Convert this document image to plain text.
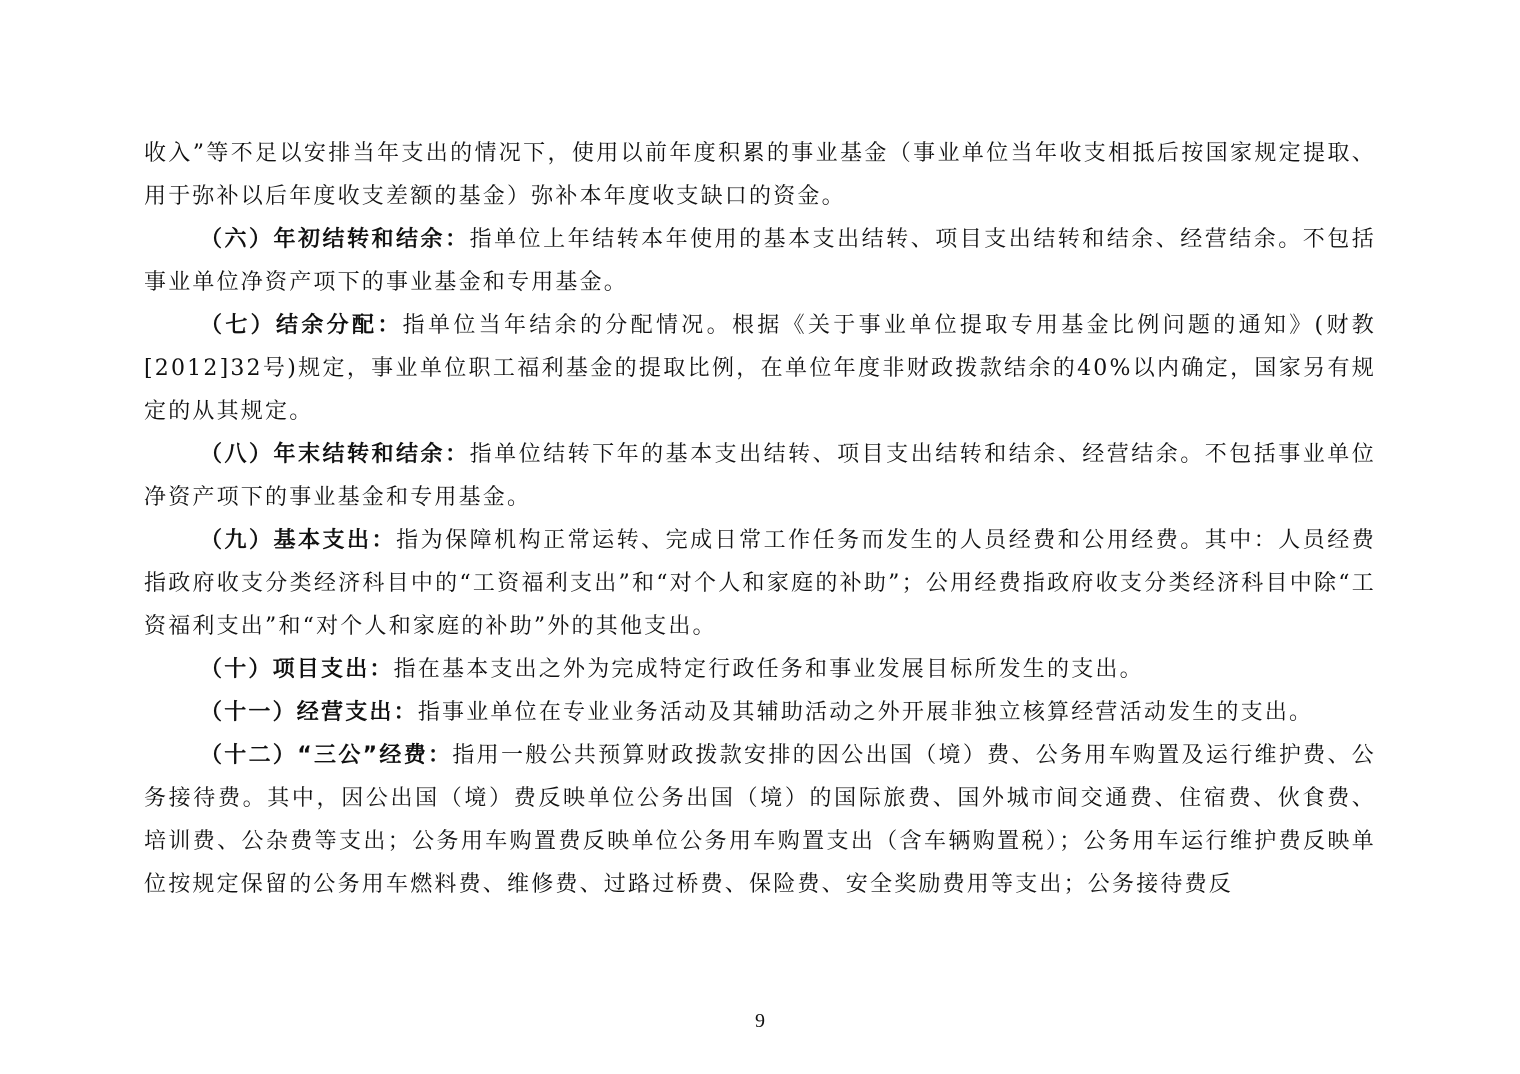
收入”等不足以安排当年支出的情况下，使用以前年度积累的事业基金（事业单位当年收支相抵后按国家规定提取、用于弥补以后年度收支差额的基金）弥补本年度收支缺口的资金。

（六）年初结转和结余：指单位上年结转本年使用的基本支出结转、项目支出结转和结余、经营结余。不包括事业单位净资产项下的事业基金和专用基金。

（七）结余分配：指单位当年结余的分配情况。根据《关于事业单位提取专用基金比例问题的通知》(财教[2012]32号)规定，事业单位职工福利基金的提取比例，在单位年度非财政拨款结余的40%以内确定，国家另有规定的从其规定。

（八）年末结转和结余：指单位结转下年的基本支出结转、项目支出结转和结余、经营结余。不包括事业单位净资产项下的事业基金和专用基金。

（九）基本支出：指为保障机构正常运转、完成日常工作任务而发生的人员经费和公用经费。其中：人员经费指政府收支分类经济科目中的“工资福利支出”和“对个人和家庭的补助”；公用经费指政府收支分类经济科目中除“工资福利支出”和“对个人和家庭的补助”外的其他支出。

（十）项目支出：指在基本支出之外为完成特定行政任务和事业发展目标所发生的支出。

（十一）经营支出：指事业单位在专业业务活动及其辅助活动之外开展非独立核算经营活动发生的支出。

（十二）“三公”经费：指用一般公共预算财政拨款安排的因公出国（境）费、公务用车购置及运行维护费、公务接待费。其中，因公出国（境）费反映单位公务出国（境）的国际旅费、国外城市间交通费、住宿费、伙食费、培训费、公杂费等支出；公务用车购置费反映单位公务用车购置支出（含车辆购置税）；公务用车运行维护费反映单位按规定保留的公务用车燃料费、维修费、过路过桥费、保险费、安全奖励费用等支出；公务接待费反

9
